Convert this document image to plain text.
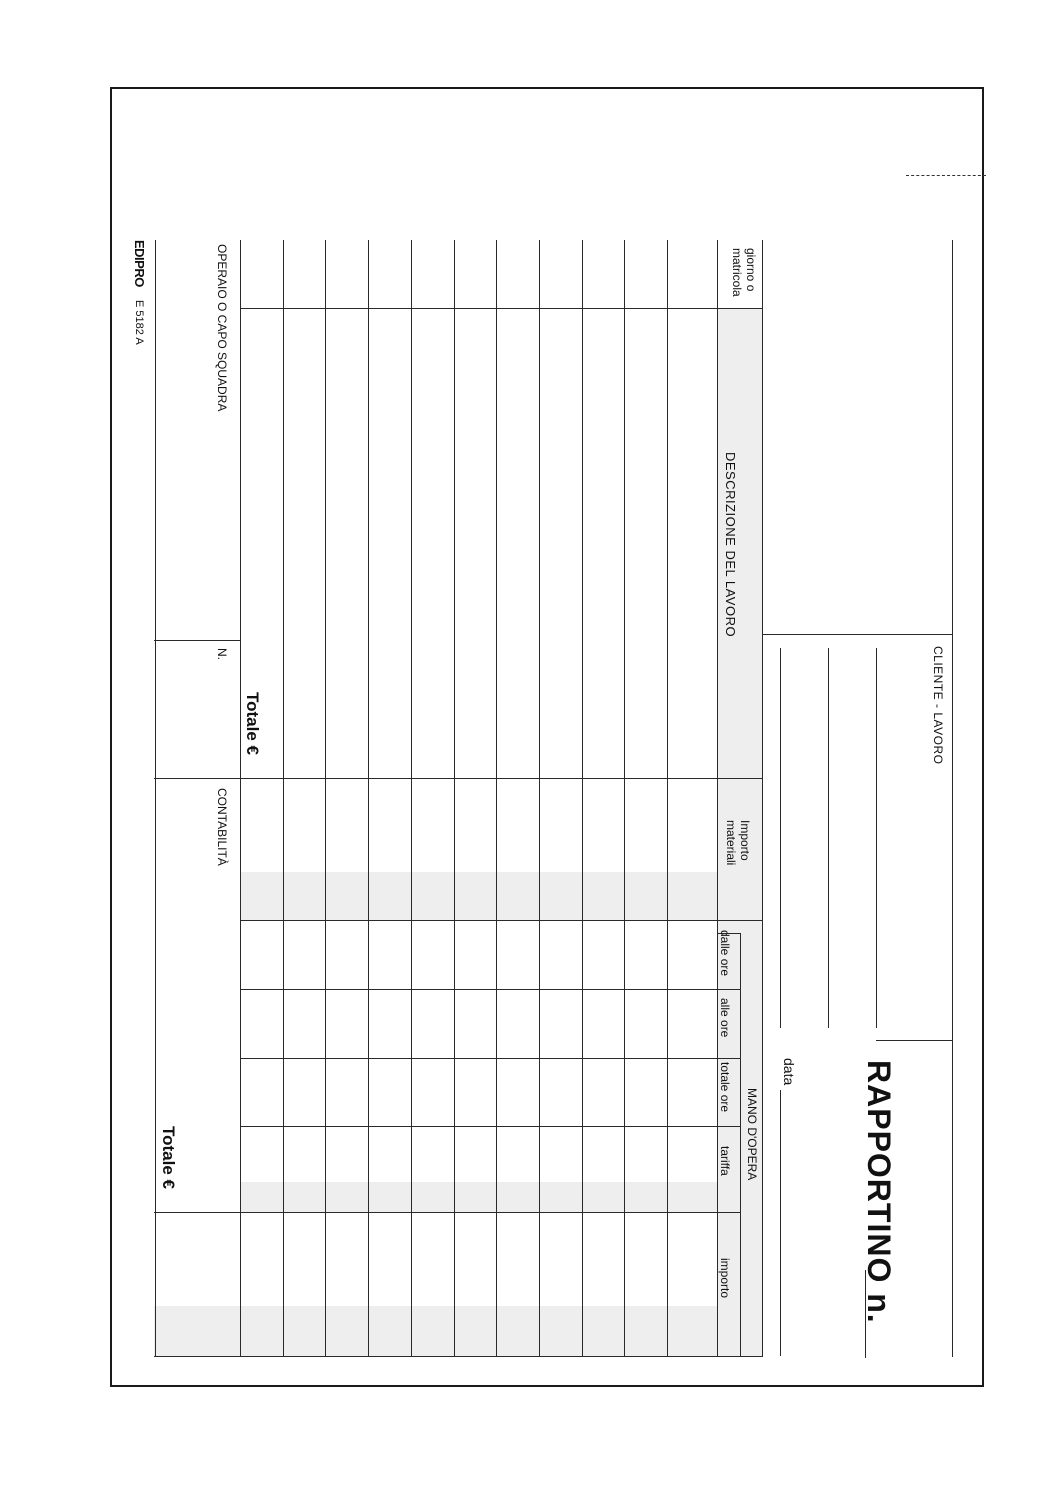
RAPPORTINO n.
data
CLIENTE - LAVORO
giorno o
matricola
DESCRIZIONE DEL LAVORO
Importo
materiali
MANO D'OPERA
dalle ore
alle ore
totale ore
tariffa
importo
OPERAIO O CAPO SQUADRA
N.
CONTABILITÀ
Totale €
Totale €
EDIPRO
E 5182 A
